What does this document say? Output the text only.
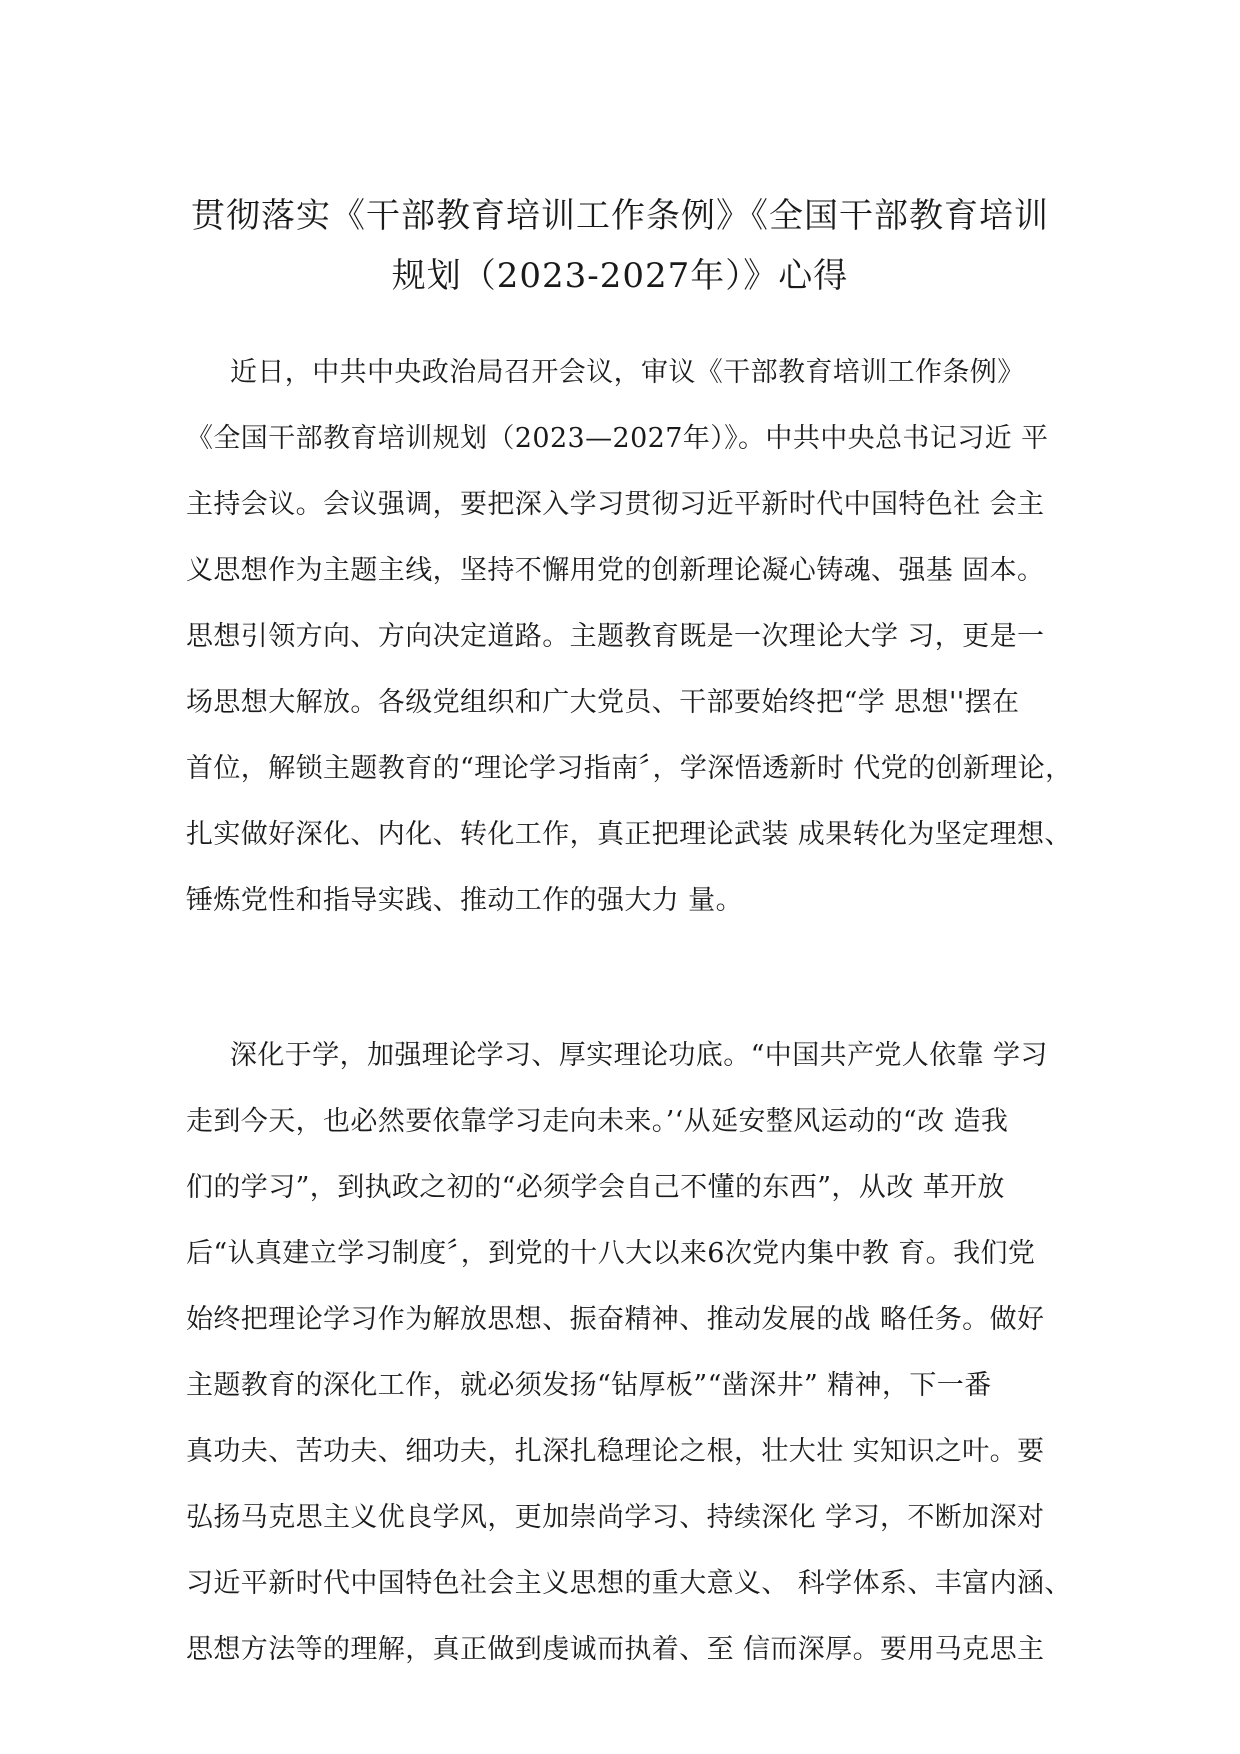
贯彻落实《干部教育培训工作条例》《全国干部教育培训
规划（2023-2027年）》心得
近日，中共中央政治局召开会议，审议《干部教育培训工作条例》
《全国干部教育培训规划（2023—2027年）》。中共中央总书记习近 平
主持会议。会议强调，要把深入学习贯彻习近平新时代中国特色社 会主
义思想作为主题主线，坚持不懈用党的创新理论凝心铸魂、强基 固本。
思想引领方向、方向决定道路。主题教育既是一次理论大学 习，更是一
场思想大解放。各级党组织和广大党员、干部要始终把“学 思想''摆在
首位，解锁主题教育的“理论学习指南〞，学深悟透新时 代党的创新理论，
扎实做好深化、内化、转化工作，真正把理论武装 成果转化为坚定理想、
锤炼党性和指导实践、推动工作的强大力 量。
深化于学，加强理论学习、厚实理论功底。“中国共产党人依靠 学习
走到今天，也必然要依靠学习走向未来。’‘从延安整风运动的“改 造我
们的学习”，到执政之初的“必须学会自己不懂的东西”，从改 革开放
后“认真建立学习制度〞，到党的十八大以来6次党内集中教 育。我们党
始终把理论学习作为解放思想、振奋精神、推动发展的战 略任务。做好
主题教育的深化工作，就必须发扬“钻厚板”“凿深井” 精神，下一番
真功夫、苦功夫、细功夫，扎深扎稳理论之根，壮大壮 实知识之叶。要
弘扬马克思主义优良学风，更加崇尚学习、持续深化 学习，不断加深对
习近平新时代中国特色社会主义思想的重大意义、 科学体系、丰富内涵、
思想方法等的理解，真正做到虔诚而执着、至 信而深厚。要用马克思主
